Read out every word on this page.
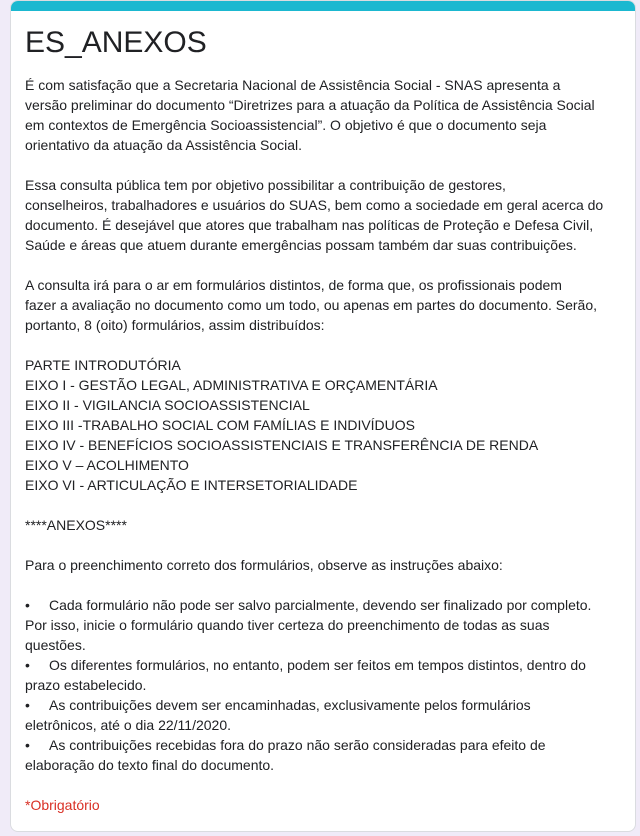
ES_ANEXOS
É com satisfação que a Secretaria Nacional de Assistência Social - SNAS apresenta a
versão preliminar do documento “Diretrizes para a atuação da Política de Assistência Social
em contextos de Emergência Socioassistencial”. O objetivo é que o documento seja
orientativo da atuação da Assistência Social.
Essa consulta pública tem por objetivo possibilitar a contribuição de gestores,
conselheiros, trabalhadores e usuários do SUAS, bem como a sociedade em geral acerca do
documento. É desejável que atores que trabalham nas políticas de Proteção e Defesa Civil,
Saúde e áreas que atuem durante emergências possam também dar suas contribuições.
A consulta irá para o ar em formulários distintos, de forma que, os profissionais podem
fazer a avaliação no documento como um todo, ou apenas em partes do documento. Serão,
portanto, 8 (oito) formulários, assim distribuídos:
PARTE INTRODUTÓRIA
EIXO I - GESTÃO LEGAL, ADMINISTRATIVA E ORÇAMENTÁRIA
EIXO II - VIGILANCIA SOCIOASSISTENCIAL
EIXO III -TRABALHO SOCIAL COM FAMÍLIAS E INDIVÍDUOS
EIXO IV - BENEFÍCIOS SOCIOASSISTENCIAIS E TRANSFERÊNCIA DE RENDA
EIXO V – ACOLHIMENTO
EIXO VI - ARTICULAÇÃO E INTERSETORIALIDADE
****ANEXOS****
Para o preenchimento correto dos formulários, observe as instruções abaixo:
• Cada formulário não pode ser salvo parcialmente, devendo ser finalizado por completo.
Por isso, inicie o formulário quando tiver certeza do preenchimento de todas as suas
questões.
• Os diferentes formulários, no entanto, podem ser feitos em tempos distintos, dentro do
prazo estabelecido.
• As contribuições devem ser encaminhadas, exclusivamente pelos formulários
eletrônicos, até o dia 22/11/2020.
• As contribuições recebidas fora do prazo não serão consideradas para efeito de
elaboração do texto final do documento.
*Obrigatório
